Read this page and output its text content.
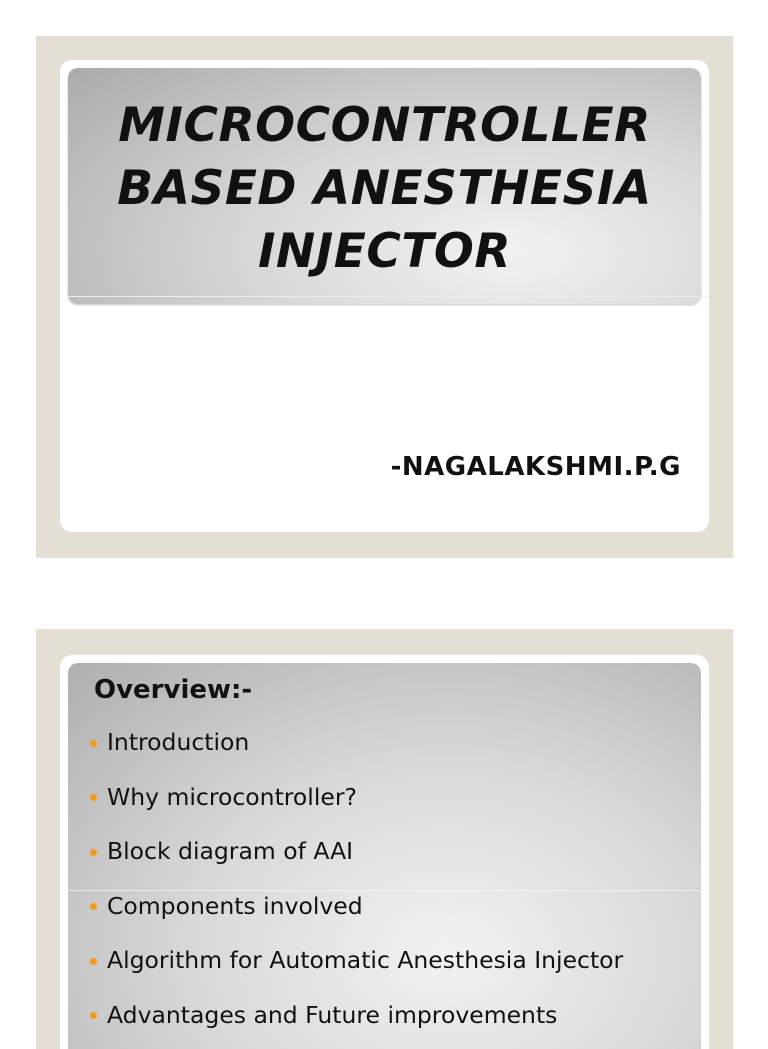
MICROCONTROLLER
BASED ANESTHESIA
INJECTOR
-NAGALAKSHMI.P.G
Overview:-
Introduction
Why microcontroller?
Block diagram of AAI
Components involved
Algorithm for Automatic Anesthesia Injector
Advantages and Future improvements
